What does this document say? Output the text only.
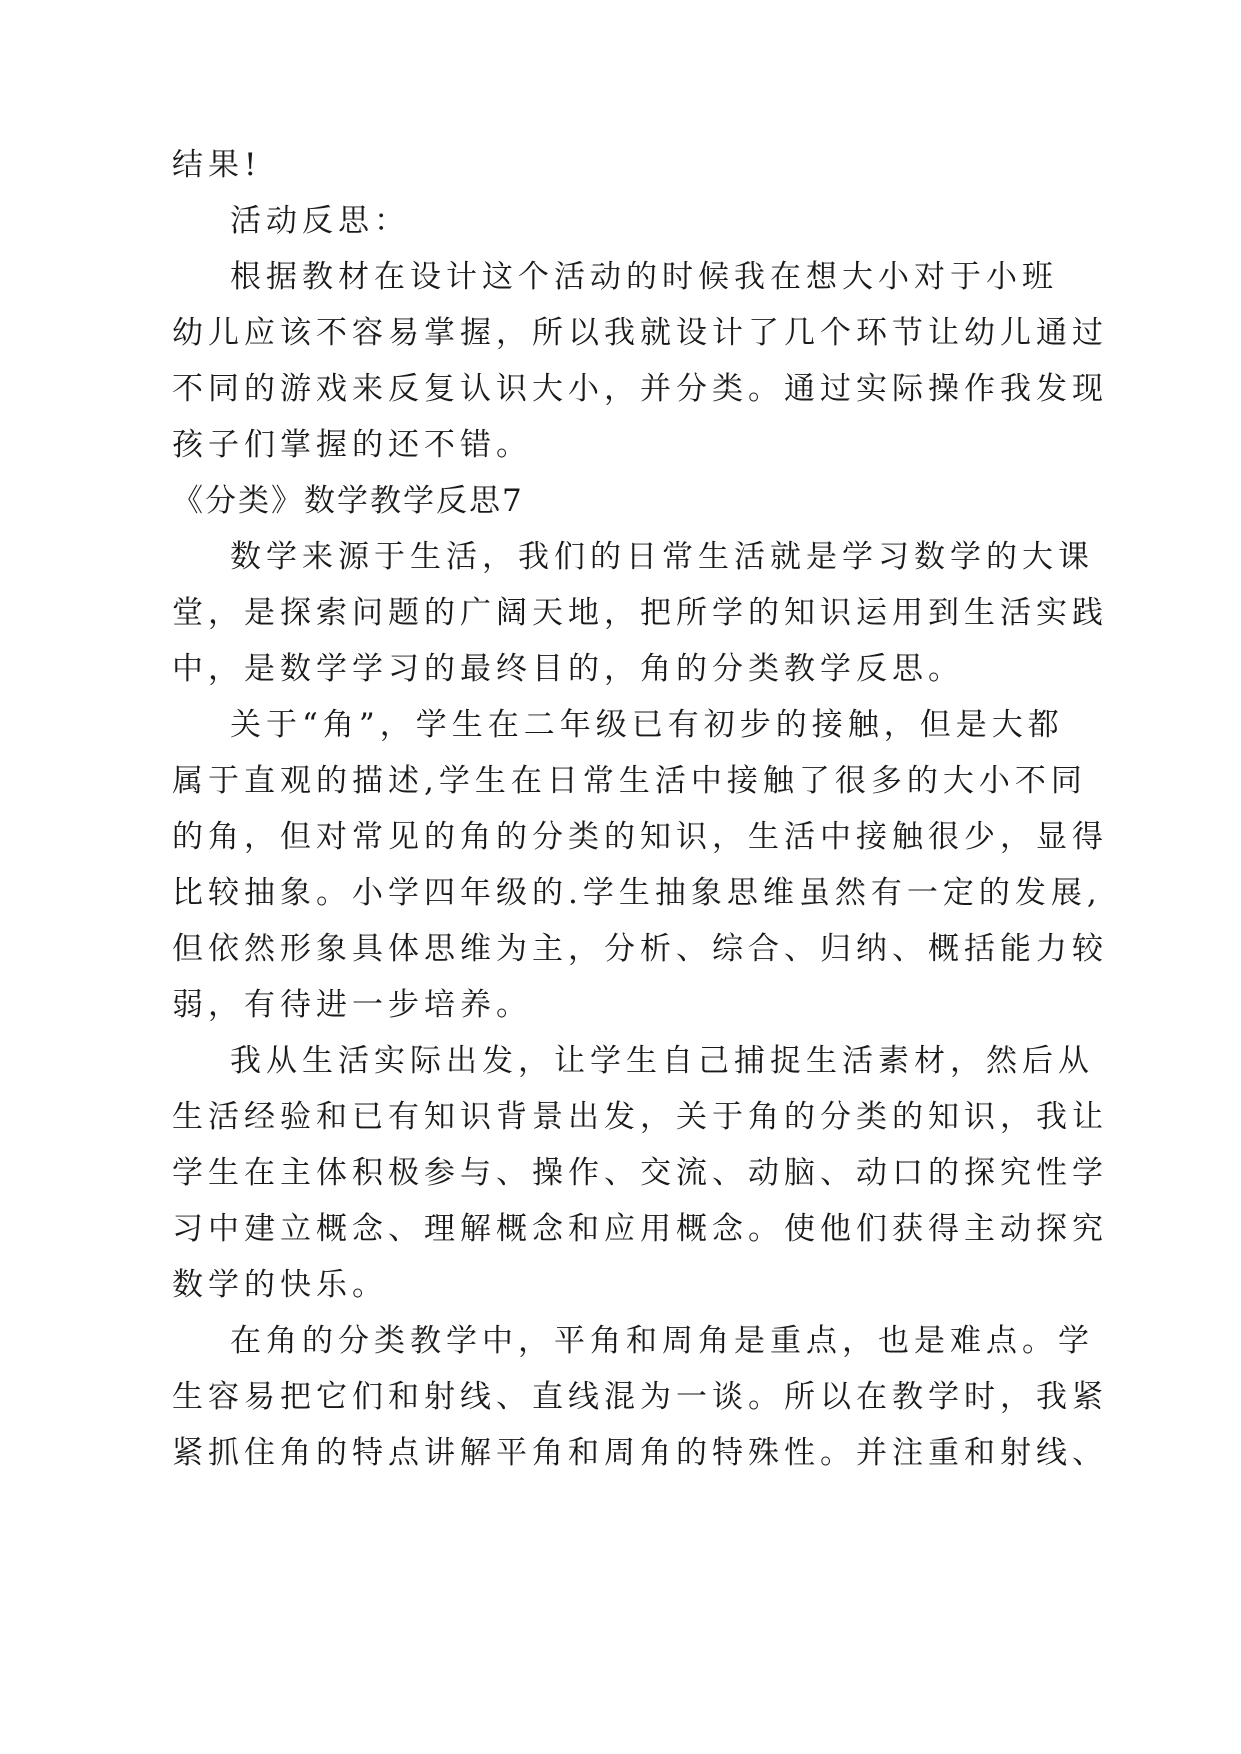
结果!
活动反思：
根据教材在设计这个活动的时候我在想大小对于小班
幼儿应该不容易掌握，所以我就设计了几个环节让幼儿通过
不同的游戏来反复认识大小，并分类。通过实际操作我发现
孩子们掌握的还不错。
《分类》数学教学反思7
数学来源于生活，我们的日常生活就是学习数学的大课
堂，是探索问题的广阔天地，把所学的知识运用到生活实践
中，是数学学习的最终目的，角的分类教学反思。
关于“角”，学生在二年级已有初步的接触，但是大都
属于直观的描述,学生在日常生活中接触了很多的大小不同
的角，但对常见的角的分类的知识，生活中接触很少，显得
比较抽象。小学四年级的.学生抽象思维虽然有一定的发展,
但依然形象具体思维为主，分析、综合、归纳、概括能力较
弱，有待进一步培养。
我从生活实际出发，让学生自己捕捉生活素材，然后从
生活经验和已有知识背景出发，关于角的分类的知识，我让
学生在主体积极参与、操作、交流、动脑、动口的探究性学
习中建立概念、理解概念和应用概念。使他们获得主动探究
数学的快乐。
在角的分类教学中，平角和周角是重点，也是难点。学
生容易把它们和射线、直线混为一谈。所以在教学时，我紧
紧抓住角的特点讲解平角和周角的特殊性。并注重和射线、
